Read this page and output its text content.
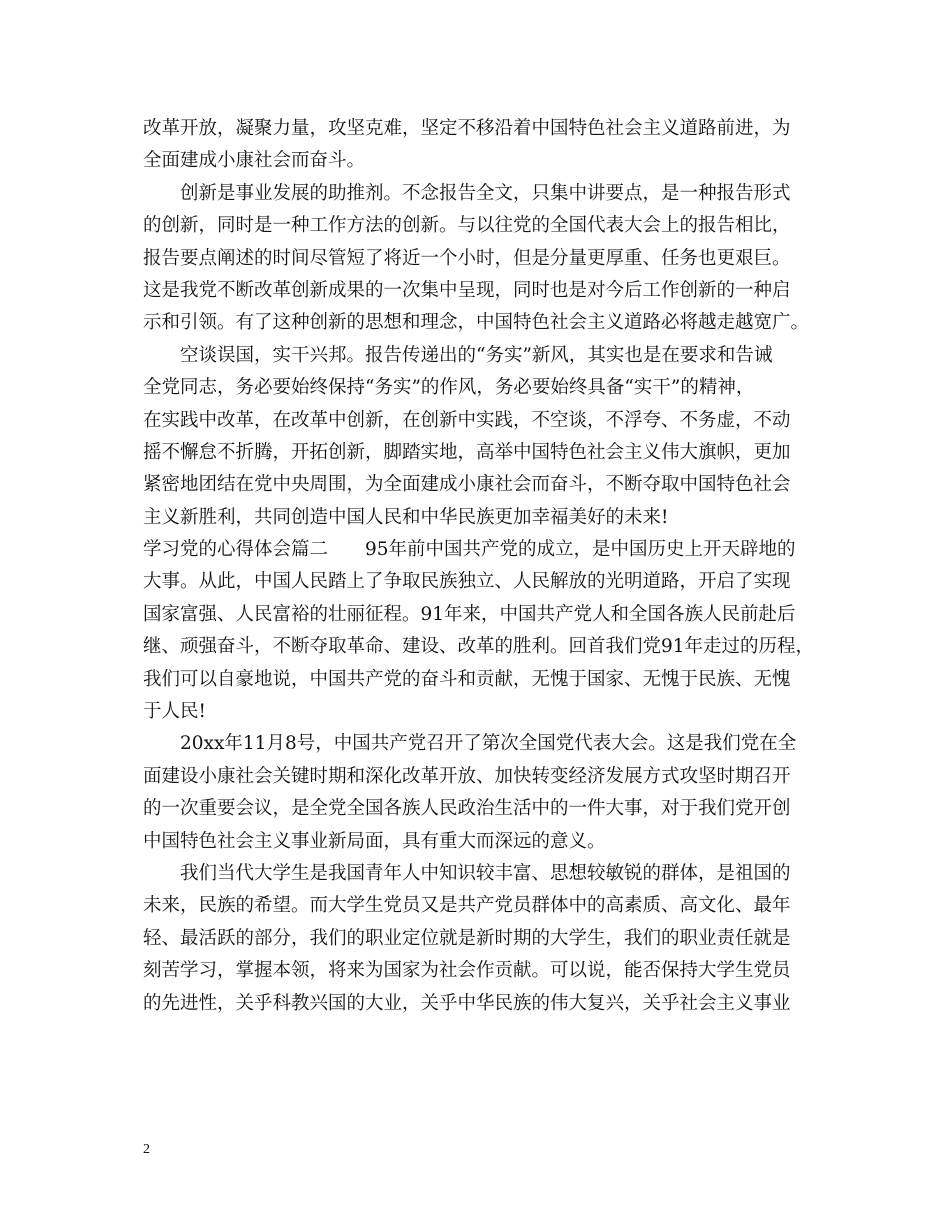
改革开放，凝聚力量，攻坚克难，坚定不移沿着中国特色社会主义道路前进，为
全面建成小康社会而奋斗。
创新是事业发展的助推剂。不念报告全文，只集中讲要点，是一种报告形式
的创新，同时是一种工作方法的创新。与以往党的全国代表大会上的报告相比，
报告要点阐述的时间尽管短了将近一个小时，但是分量更厚重、任务也更艰巨。
这是我党不断改革创新成果的一次集中呈现，同时也是对今后工作创新的一种启
示和引领。有了这种创新的思想和理念，中国特色社会主义道路必将越走越宽广。
空谈误国，实干兴邦。报告传递出的“务实”新风，其实也是在要求和告诫
全党同志，务必要始终保持“务实”的作风，务必要始终具备“实干”的精神，
在实践中改革，在改革中创新，在创新中实践，不空谈，不浮夸、不务虚，不动
摇不懈怠不折腾，开拓创新，脚踏实地，高举中国特色社会主义伟大旗帜，更加
紧密地团结在党中央周围，为全面建成小康社会而奋斗，不断夺取中国特色社会
主义新胜利，共同创造中国人民和中华民族更加幸福美好的未来!
学习党的心得体会篇二　　95年前中国共产党的成立，是中国历史上开天辟地的
大事。从此，中国人民踏上了争取民族独立、人民解放的光明道路，开启了实现
国家富强、人民富裕的壮丽征程。91年来，中国共产党人和全国各族人民前赴后
继、顽强奋斗，不断夺取革命、建设、改革的胜利。回首我们党91年走过的历程，
我们可以自豪地说，中国共产党的奋斗和贡献，无愧于国家、无愧于民族、无愧
于人民!
20xx年11月8号，中国共产党召开了第次全国党代表大会。这是我们党在全
面建设小康社会关键时期和深化改革开放、加快转变经济发展方式攻坚时期召开
的一次重要会议，是全党全国各族人民政治生活中的一件大事，对于我们党开创
中国特色社会主义事业新局面，具有重大而深远的意义。
我们当代大学生是我国青年人中知识较丰富、思想较敏锐的群体，是祖国的
未来，民族的希望。而大学生党员又是共产党员群体中的高素质、高文化、最年
轻、最活跃的部分，我们的职业定位就是新时期的大学生，我们的职业责任就是
刻苦学习，掌握本领，将来为国家为社会作贡献。可以说，能否保持大学生党员
的先进性，关乎科教兴国的大业，关乎中华民族的伟大复兴，关乎社会主义事业
2
